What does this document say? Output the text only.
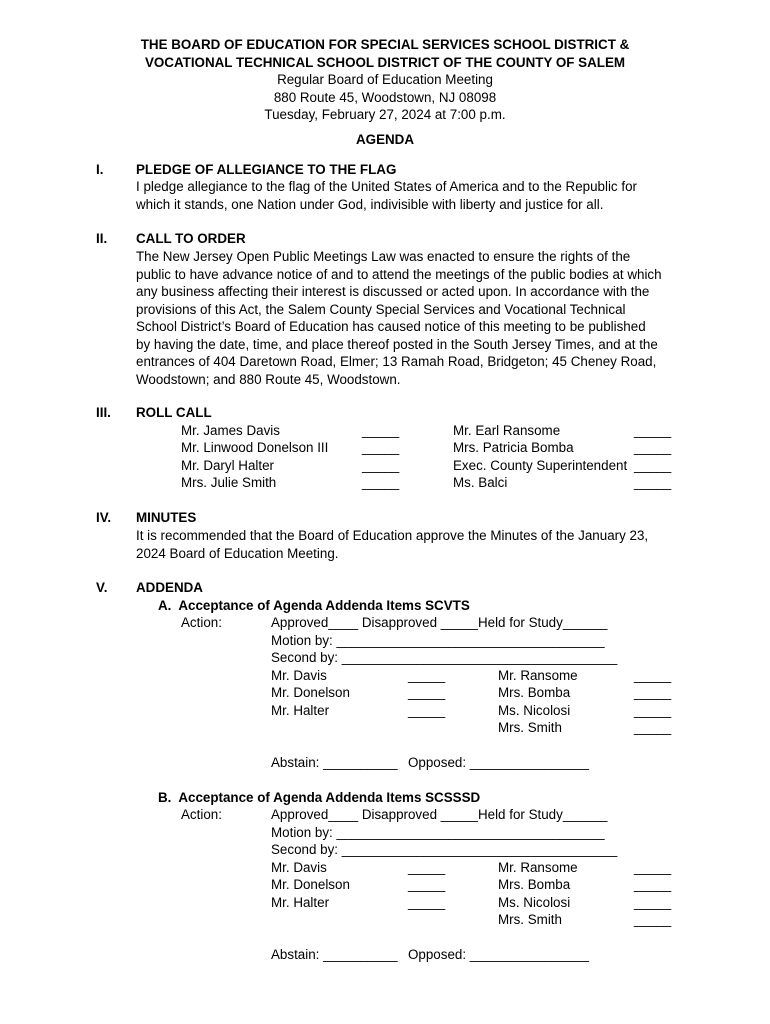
THE BOARD OF EDUCATION FOR SPECIAL SERVICES SCHOOL DISTRICT &
VOCATIONAL TECHNICAL SCHOOL DISTRICT OF THE COUNTY OF SALEM
Regular Board of Education Meeting
880 Route 45, Woodstown, NJ 08098
Tuesday, February 27, 2024 at 7:00 p.m.
AGENDA
I. PLEDGE OF ALLEGIANCE TO THE FLAG
I pledge allegiance to the flag of the United States of America and to the Republic for
which it stands, one Nation under God, indivisible with liberty and justice for all.
II. CALL TO ORDER
The New Jersey Open Public Meetings Law was enacted to ensure the rights of the
public to have advance notice of and to attend the meetings of the public bodies at which
any business affecting their interest is discussed or acted upon. In accordance with the
provisions of this Act, the Salem County Special Services and Vocational Technical
School District’s Board of Education has caused notice of this meeting to be published
by having the date, time, and place thereof posted in the South Jersey Times, and at the
entrances of 404 Daretown Road, Elmer; 13 Ramah Road, Bridgeton; 45 Cheney Road,
Woodstown; and 880 Route 45, Woodstown.
III. ROLL CALL
Mr. James Davis
Mr. Linwood Donelson III
Mr. Daryl Halter
Mrs. Julie Smith
_____
_____
_____
_____
Mr. Earl Ransome
Mrs. Patricia Bomba
Exec. County Superintendent
Ms. Balci
_____
_____
_____
_____
IV. MINUTES
It is recommended that the Board of Education approve the Minutes of the January 23,
2024 Board of Education Meeting.
V. ADDENDA
A.  Acceptance of Agenda Addenda Items SCVTS
Action:	Approved____ Disapproved _____Held for Study______
Motion by: ____________________________________
Second by: _____________________________________
Mr. Davis
Mr. Donelson
Mr. Halter
_____
_____
_____
Mr. Ransome
Mrs. Bomba
Ms. Nicolosi
Mrs. Smith
_____
_____
_____
_____
Abstain: __________ Opposed: ________________
B.  Acceptance of Agenda Addenda Items SCSSSD
Action:	Approved____ Disapproved _____Held for Study______
Motion by: ____________________________________
Second by: _____________________________________
Mr. Davis
Mr. Donelson
Mr. Halter
_____
_____
_____
Mr. Ransome
Mrs. Bomba
Ms. Nicolosi
Mrs. Smith
_____
_____
_____
_____
Abstain: __________ Opposed: ________________
